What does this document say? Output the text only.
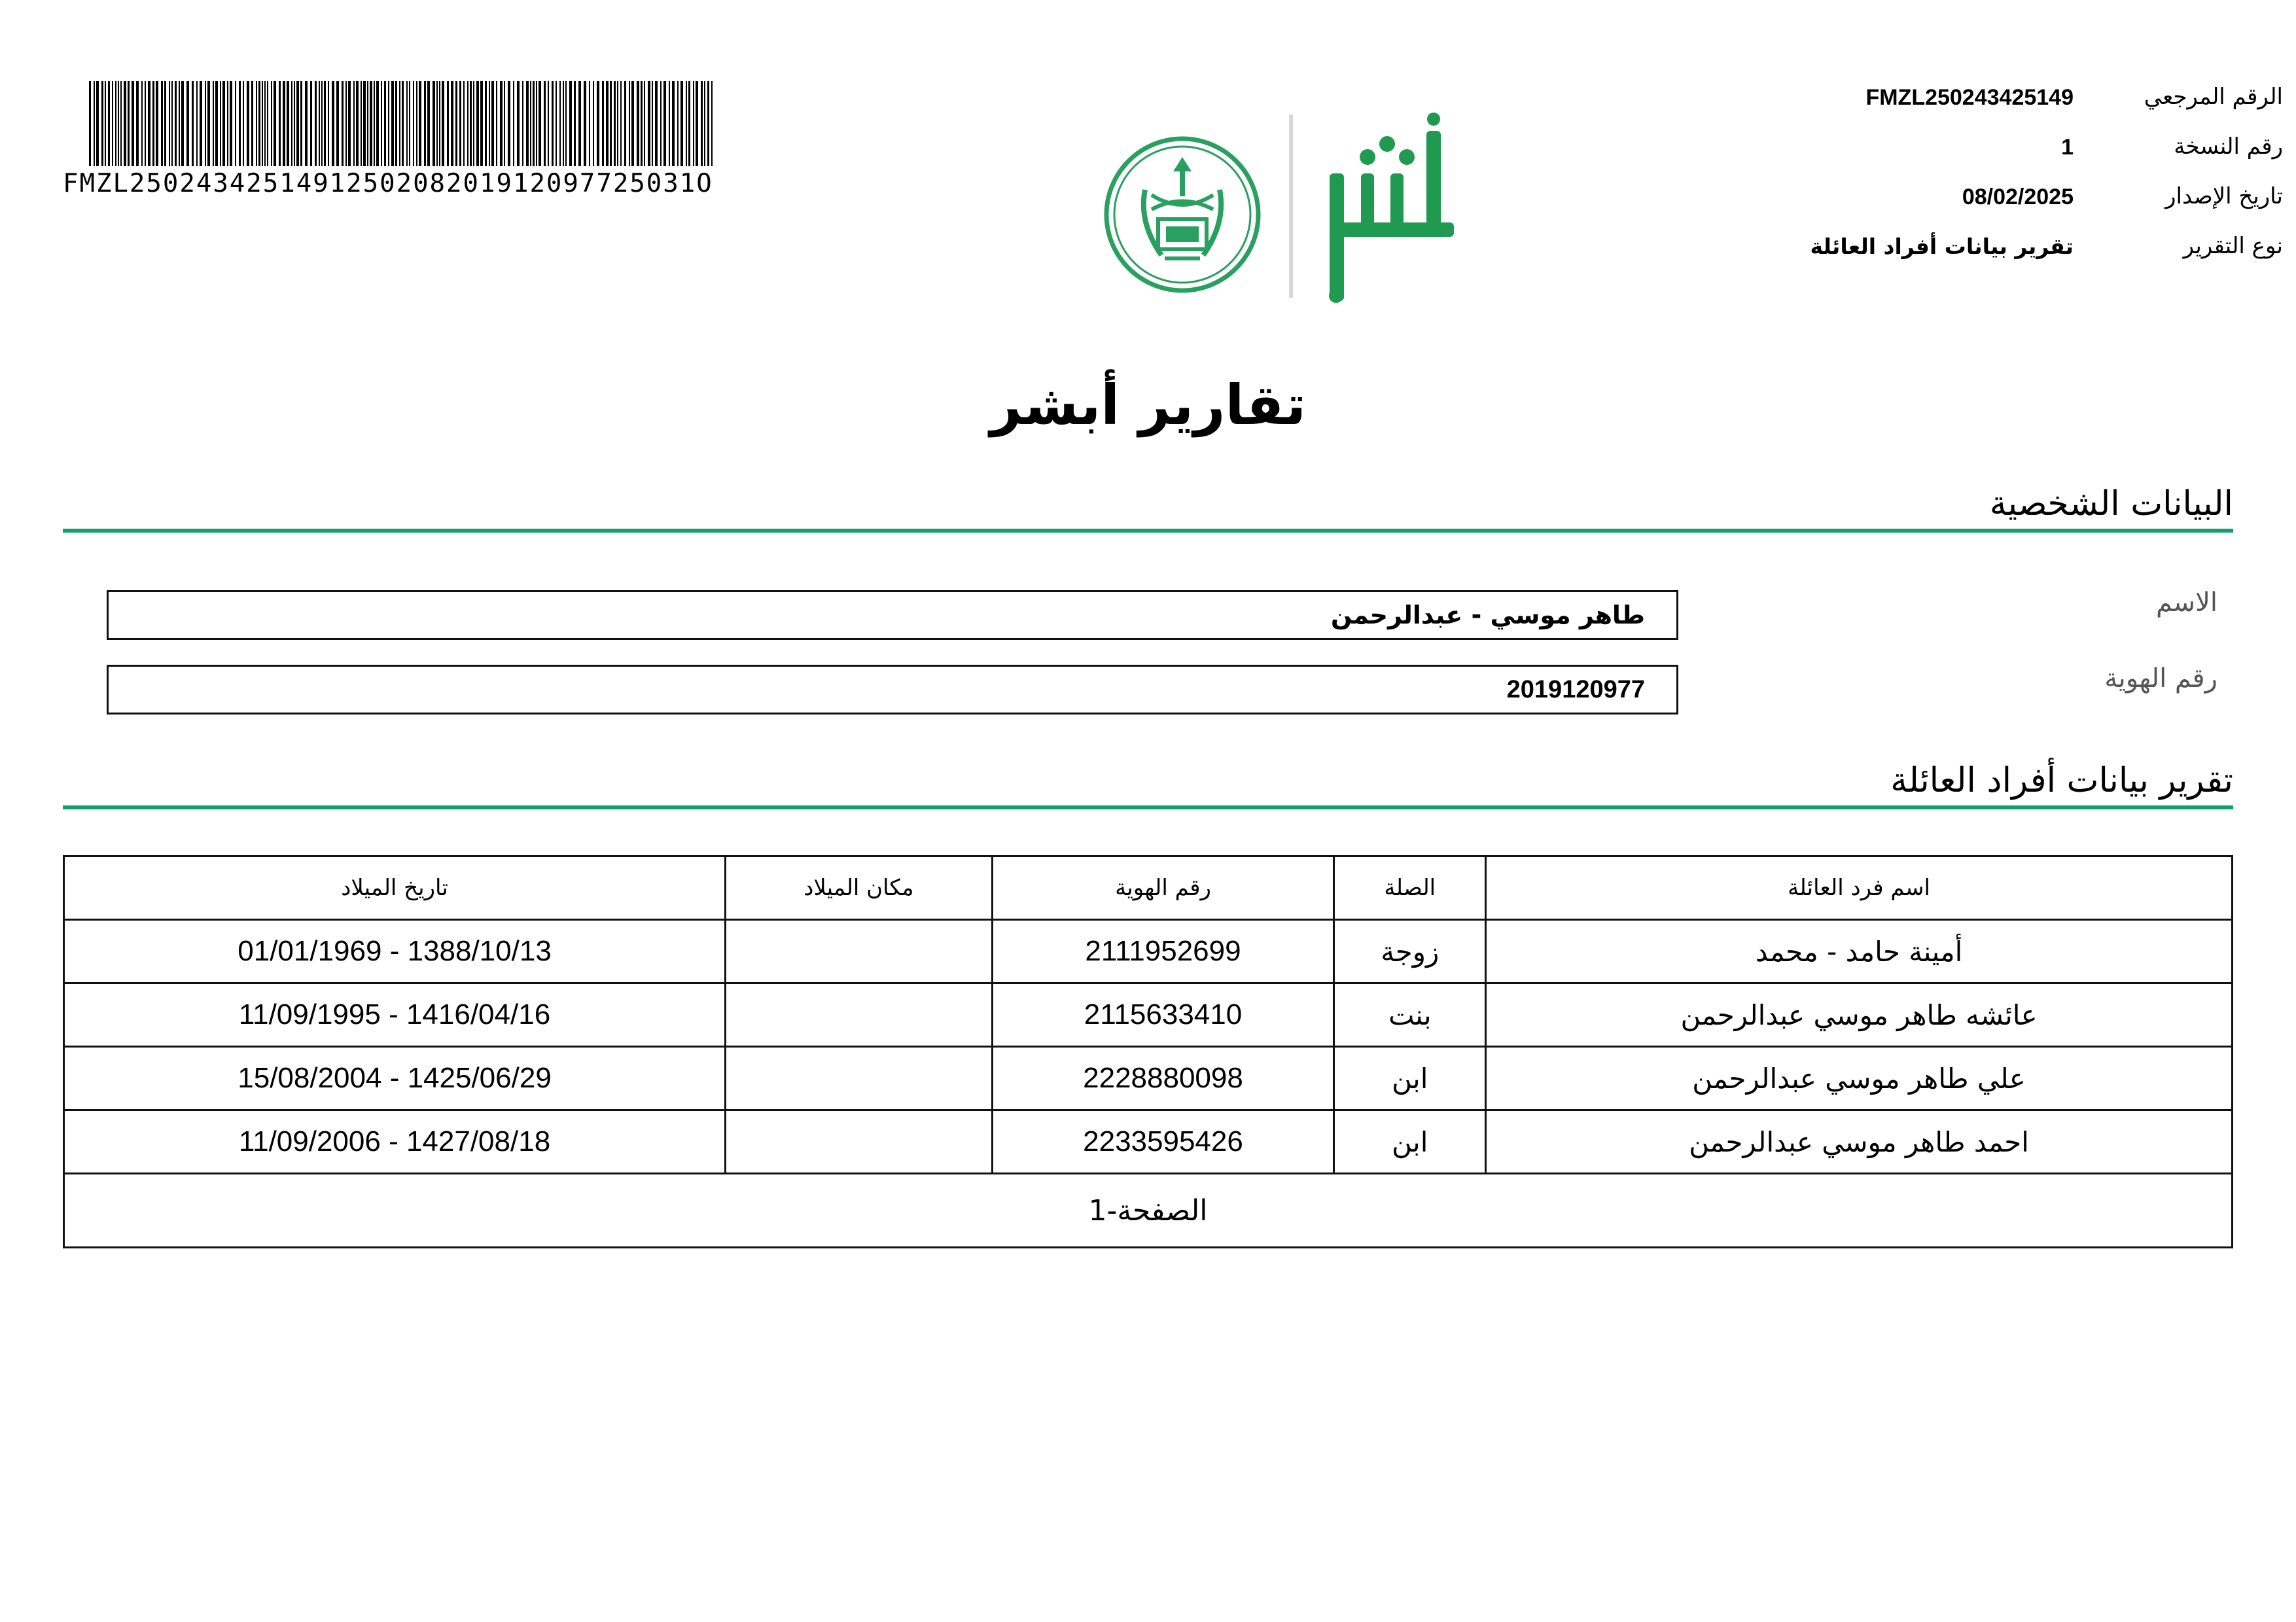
الرقم المرجعي
FMZL250243425149
رقم النسخة
1
تاريخ الإصدار
08/02/2025
نوع التقرير
تقرير بيانات أفراد العائلة
FMZL2502434251491250208201912097725031O
تقارير أبشر
البيانات الشخصية
الاسم
طاهر موسي - عبدالرحمن
رقم الهوية
2019120977
تقرير بيانات أفراد العائلة
اسم فرد العائلة	الصلة	رقم الهوية	مكان الميلاد	تاريخ الميلاد
أمينة حامد - محمد	زوجة	2111952699		1388/10/13 - 01/01/1969
عائشه طاهر موسي عبدالرحمن	بنت	2115633410		1416/04/16 - 11/09/1995
علي طاهر موسي عبدالرحمن	ابن	2228880098		1425/06/29 - 15/08/2004
احمد طاهر موسي عبدالرحمن	ابن	2233595426		1427/08/18 - 11/09/2006
الصفحة-1				
